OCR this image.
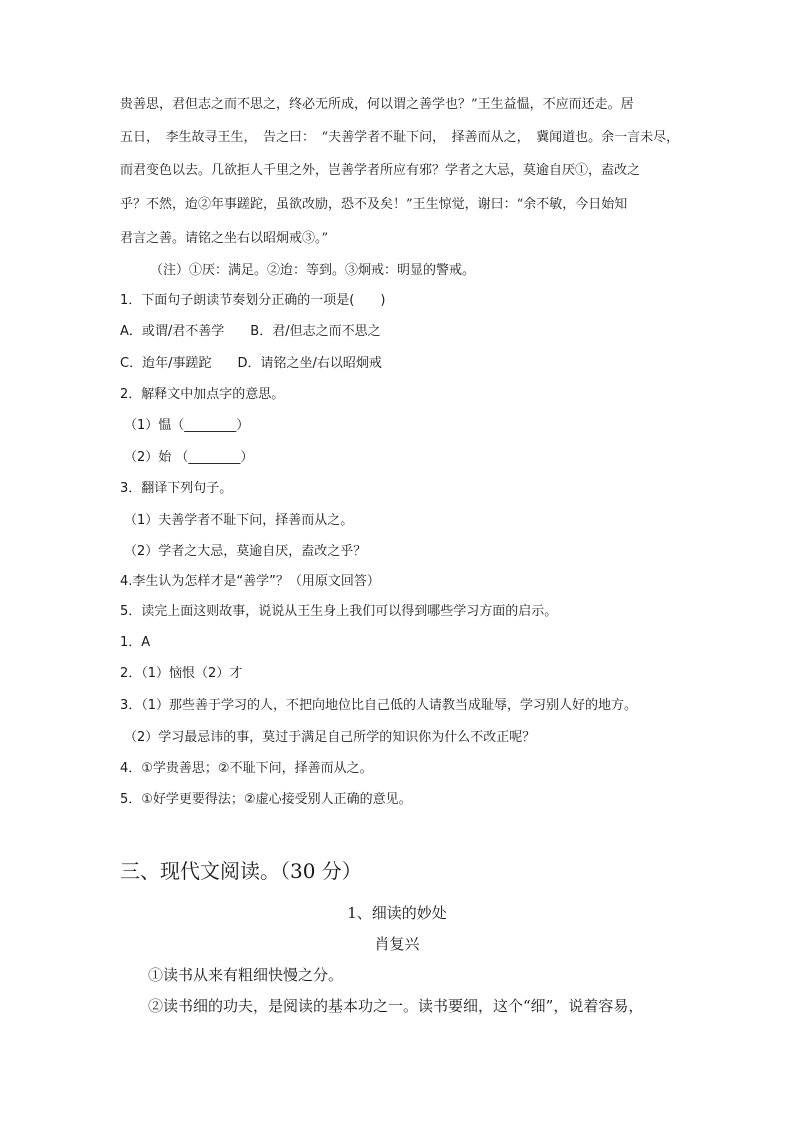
贵善思，君但志之而不思之，终必无所成，何以谓之善学也？”王生益愠，不应而还走。居
五日，　李生故寻王生，　告之曰：　“夫善学者不耻下问，　择善而从之，　冀闻道也。余一言未尽，
而君变色以去。几欲拒人千里之外，岂善学者所应有邪？学者之大忌，莫逾自厌①，盍改之
乎？不然，迨②年事蹉跎，虽欲改励，恐不及矣！”王生惊觉，谢曰：“余不敏，今日始知
君言之善。请铭之坐右以昭炯戒③。”
（注）①厌：满足。②迨：等到。③炯戒：明显的警戒。
1．下面句子朗读节奏划分正确的一项是(　　)
A．或谓/君不善学　　B．君/但志之而不思之
C．迨年/事蹉跎　　D．请铭之坐/右以昭炯戒
2．解释文中加点字的意思。
（1）愠（________）
（2）始 （________）
3．翻译下列句子。
（1）夫善学者不耻下问，择善而从之。
（2）学者之大忌，莫逾自厌，盍改之乎？
4.李生认为怎样才是“善学”？（用原文回答）
5．读完上面这则故事，说说从王生身上我们可以得到哪些学习方面的启示。
1．A
2．（1）恼恨（2）才
3．（1）那些善于学习的人，不把向地位比自己低的人请教当成耻辱，学习别人好的地方。
（2）学习最忌讳的事，莫过于满足自己所学的知识你为什么不改正呢？
4．①学贵善思；②不耻下问，择善而从之。
5．①好学更要得法；②虚心接受别人正确的意见。
三、现代文阅读。（30 分）
1、细读的妙处
肖复兴
①读书从来有粗细快慢之分。
②读书细的功夫，是阅读的基本功之一。读书要细，这个“细”，说着容易，
